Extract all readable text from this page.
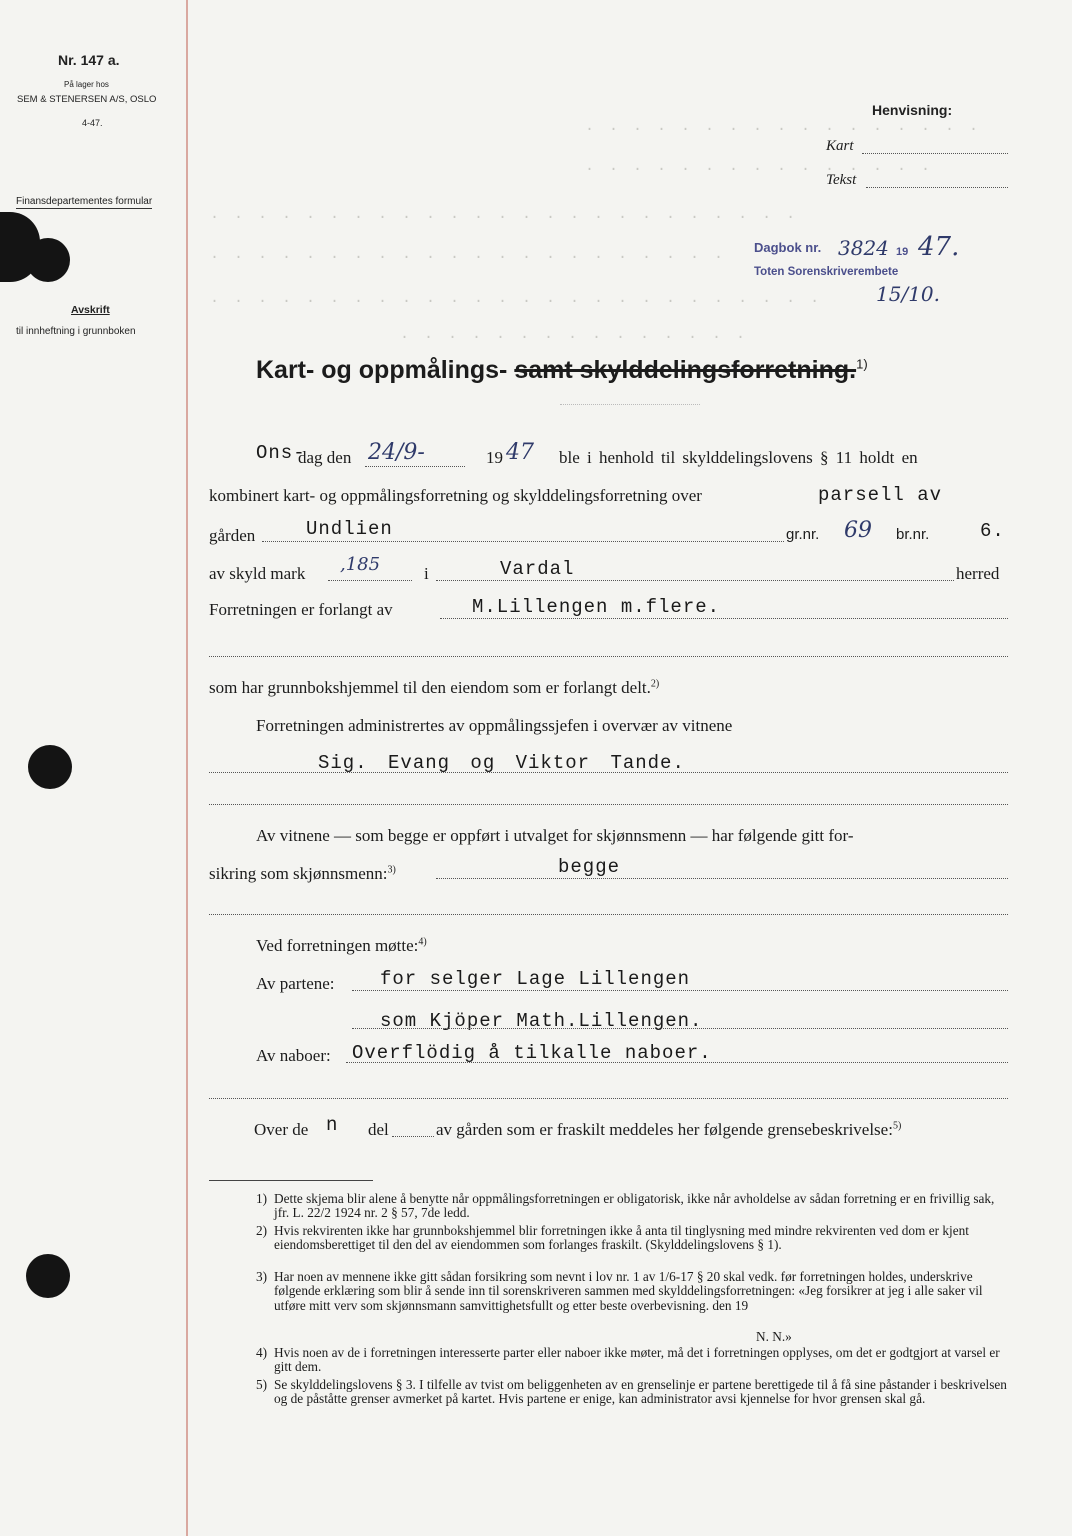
Nr. 147 a.
På lager hos
SEM & STENERSEN A/S, OSLO
4-47.
Finansdepartementes formular
Avskrift
til innheftning i grunnboken
Henvisning:
Kart
Tekst
. . . . . . . . . . . . . . . . .
. . . . . . . . . . . . . . .
. . . . . . . . . . . . . . . . . . . . . . . . .
. . . . . . . . . . . . . . . . . . . . . .
. . . . . . . . . . . . . . . . . . . . . . . . . .
. . . . . . . . . . . . . . .
Dagbok nr. 3824 19 47.
Toten Sorenskriverembete
15/10.
Kart- og oppmålings- samt skylddelingsforretning.$^{1)}$
Ons-
dag den 24/9-	19 47 ble i henhold til skylddelingslovens § 11 holdt en
kombinert kart- og oppmålingsforretning og skylddelingsforretning over	parsell av
gården	Undlien	gr.nr. 69 br.nr.	6.
av skyld mark ,185	i	Vardal	herred
Forretningen er forlangt av	M.Lillengen m.flere.
som har grunnbokshjemmel til den eiendom som er forlangt delt.$^{2)}$
Forretningen administrertes av oppmålingssjefen i overvær av vitnene
Sig. Evang og Viktor Tande.
Av vitnene — som begge er oppført i utvalget for skjønnsmenn — har følgende gitt for-
sikring som skjønnsmenn:$^{3)}$	begge
Ved forretningen møtte:$^{4)}$
Av partene: for selger Lage Lillengen
som Kjöper Math.Lillengen.
Av naboer: Overflödig å tilkalle naboer.
Over de n del	av gården som er fraskilt meddeles her følgende grensebeskrivelse:$^{5)}$
1) Dette skjema blir alene å benytte når oppmålingsforretningen er obligatorisk, ikke når avholdelse av sådan forretning er en frivillig sak, jfr. L. 22/2 1924 nr. 2 § 57, 7de ledd.
2) Hvis rekvirenten ikke har grunnbokshjemmel blir forretningen ikke å anta til tinglysning med mindre rekvirenten ved dom er kjent eiendomsberettiget til den del av eiendommen som forlanges fraskilt. (Skylddelingslovens § 1).
3) Har noen av mennene ikke gitt sådan forsikring som nevnt i lov nr. 1 av 1/6-17 § 20 skal vedk. før forretningen holdes, underskrive følgende erklæring som blir å sende inn til sorenskriveren sammen med skylddelingsforretningen: «Jeg forsikrer at jeg i alle saker vil utføre mitt verv som skjønnsmann samvittighetsfullt og etter beste overbevisning. den 19
N. N.»
4) Hvis noen av de i forretningen interesserte parter eller naboer ikke møter, må det i forretningen opplyses, om det er godtgjort at varsel er gitt dem.
5) Se skylddelingslovens § 3. I tilfelle av tvist om beliggenheten av en grenselinje er partene berettigede til å få sine påstander i beskrivelsen og de påståtte grenser avmerket på kartet. Hvis partene er enige, kan administrator avsi kjennelse for hvor grensen skal gå.
